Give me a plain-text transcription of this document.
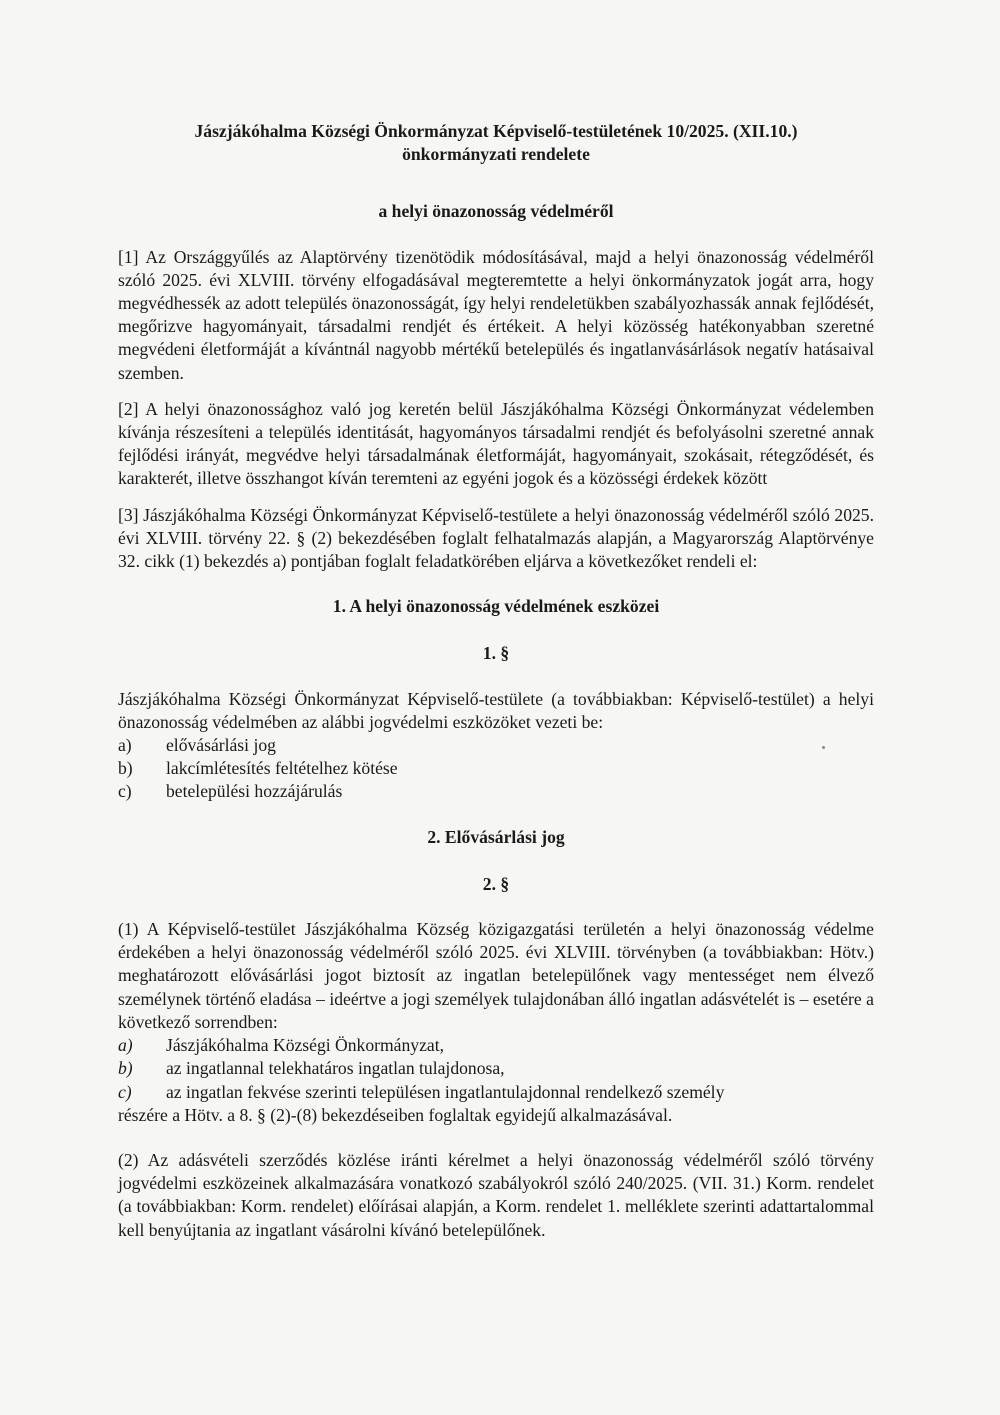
Jászjákóhalma Községi Önkormányzat Képviselő-testületének 10/2025. (XII.10.)
önkormányzati rendelete
a helyi önazonosság védelméről

[1] Az Országgyűlés az Alaptörvény tizenötödik módosításával, majd a helyi önazonosság védelméről szóló 2025. évi XLVIII. törvény elfogadásával megteremtette a helyi önkormányzatok jogát arra, hogy megvédhessék az adott település önazonosságát, így helyi rendeletükben szabályozhassák annak fejlődését, megőrizve hagyományait, társadalmi rendjét és értékeit. A helyi közösség hatékonyabban szeretné megvédeni életformáját a kívántnál nagyobb mértékű betelepülés és ingatlanvásárlások negatív hatásaival szemben.

[2] A helyi önazonossághoz való jog keretén belül Jászjákóhalma Községi Önkormányzat védelemben kívánja részesíteni a település identitását, hagyományos társadalmi rendjét és befolyásolni szeretné annak fejlődési irányát, megvédve helyi társadalmának életformáját, hagyományait, szokásait, rétegződését, és karakterét, illetve összhangot kíván teremteni az egyéni jogok és a közösségi érdekek között

[3] Jászjákóhalma Községi Önkormányzat Képviselő-testülete a helyi önazonosság védelméről szóló 2025. évi XLVIII. törvény 22. § (2) bekezdésében foglalt felhatalmazás alapján, a Magyarország Alaptörvénye 32. cikk (1) bekezdés a) pontjában foglalt feladatkörében eljárva a következőket rendeli el:

1. A helyi önazonosság védelmének eszközei
1. §

Jászjákóhalma Községi Önkormányzat Képviselő-testülete (a továbbiakban: Képviselő-testület) a helyi önazonosság védelmében az alábbi jogvédelmi eszközöket vezeti be:

a)	elővásárlási jog
b)	lakcímlétesítés feltételhez kötése
c)	betelepülési hozzájárulás
2. Elővásárlási jog
2. §

(1) A Képviselő-testület Jászjákóhalma Község közigazgatási területén a helyi önazonosság védelme érdekében a helyi önazonosság védelméről szóló 2025. évi XLVIII. törvényben (a továbbiakban: Hötv.) meghatározott elővásárlási jogot biztosít az ingatlan betelepülőnek vagy mentességet nem élvező személynek történő eladása – ideértve a jogi személyek tulajdonában álló ingatlan adásvételét is – esetére a következő sorrendben:

a)	Jászjákóhalma Községi Önkormányzat,
b)	az ingatlannal telekhatáros ingatlan tulajdonosa,
c)	az ingatlan fekvése szerinti településen ingatlantulajdonnal rendelkező személy

részére a Hötv. a 8. § (2)-(8) bekezdéseiben foglaltak egyidejű alkalmazásával.

(2) Az adásvételi szerződés közlése iránti kérelmet a helyi önazonosság védelméről szóló törvény jogvédelmi eszközeinek alkalmazására vonatkozó szabályokról szóló 240/2025. (VII. 31.) Korm. rendelet (a továbbiakban: Korm. rendelet) előírásai alapján, a Korm. rendelet 1. melléklete szerinti adattartalommal kell benyújtania az ingatlant vásárolni kívánó betelepülőnek.
